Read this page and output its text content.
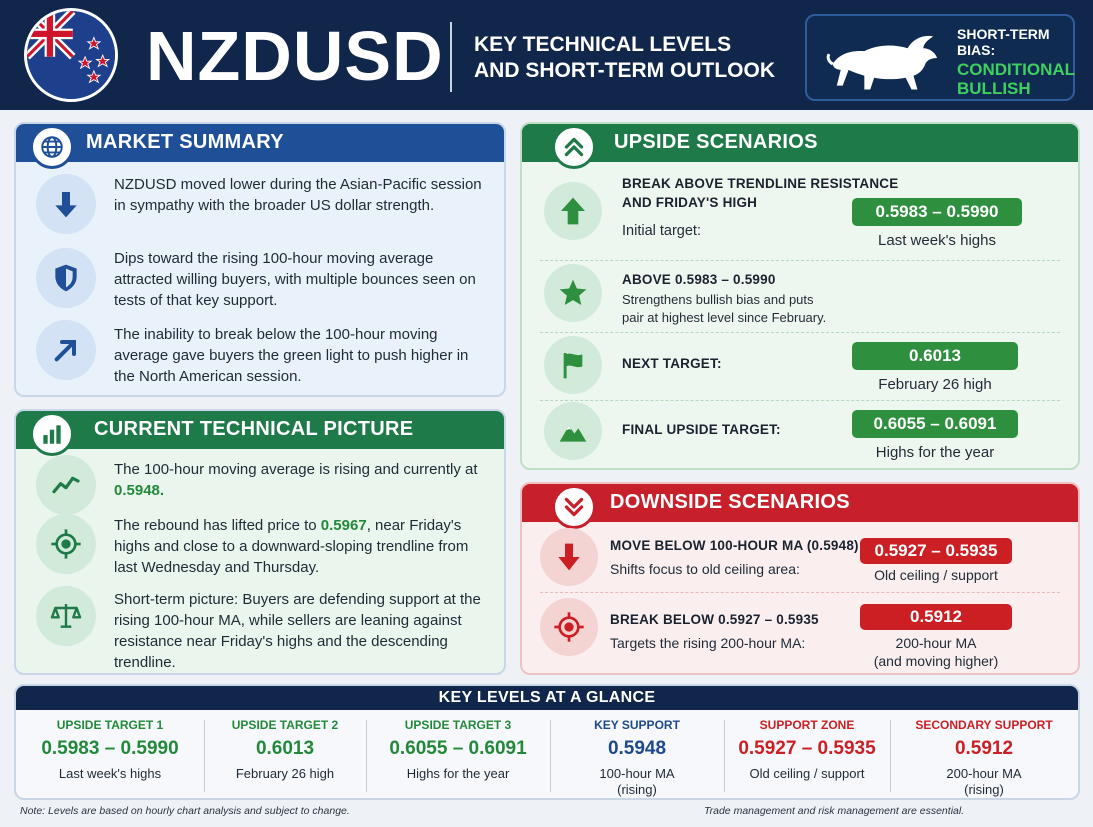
NZDUSD KEY TECHNICAL LEVELS
AND SHORT-TERM OUTLOOK
SHORT-TERM
BIAS:
CONDITIONAL
BULLISH
MARKET SUMMARY
NZDUSD moved lower during the Asian-Pacific session in sympathy with the broader US dollar strength.
Dips toward the rising 100-hour moving average attracted willing buyers, with multiple bounces seen on tests of that key support.
The inability to break below the 100-hour moving average gave buyers the green light to push higher in the North American session.
CURRENT TECHNICAL PICTURE
The 100-hour moving average is rising and currently at 0.5948.
The rebound has lifted price to 0.5967, near Friday's highs and close to a downward-sloping trendline from last Wednesday and Thursday.
Short-term picture: Buyers are defending support at the rising 100-hour MA, while sellers are leaning against resistance near Friday's highs and the descending trendline.
UPSIDE SCENARIOS
BREAK ABOVE TRENDLINE RESISTANCE
AND FRIDAY'S HIGH
Initial target:
0.5983 – 0.5990
Last week's highs
ABOVE 0.5983 – 0.5990
Strengthens bullish bias and puts
pair at highest level since February.
NEXT TARGET:	0.6013
February 26 high
FINAL UPSIDE TARGET:	0.6055 – 0.6091
Highs for the year
DOWNSIDE SCENARIOS
MOVE BELOW 100-HOUR MA (0.5948)
Shifts focus to old ceiling area:
0.5927 – 0.5935
Old ceiling / support
BREAK BELOW 0.5927 – 0.5935
Targets the rising 200-hour MA:
0.5912
200-hour MA
(and moving higher)
KEY LEVELS AT A GLANCE
UPSIDE TARGET 1
0.5983 – 0.5990
Last week's highs
UPSIDE TARGET 2
0.6013
February 26 high
UPSIDE TARGET 3
0.6055 – 0.6091
Highs for the year
KEY SUPPORT
0.5948
100-hour MA
(rising)
SUPPORT ZONE
0.5927 – 0.5935
Old ceiling / support
SECONDARY SUPPORT
0.5912
200-hour MA
(rising)
Note: Levels are based on hourly chart analysis and subject to change.	Trade management and risk management are essential.
